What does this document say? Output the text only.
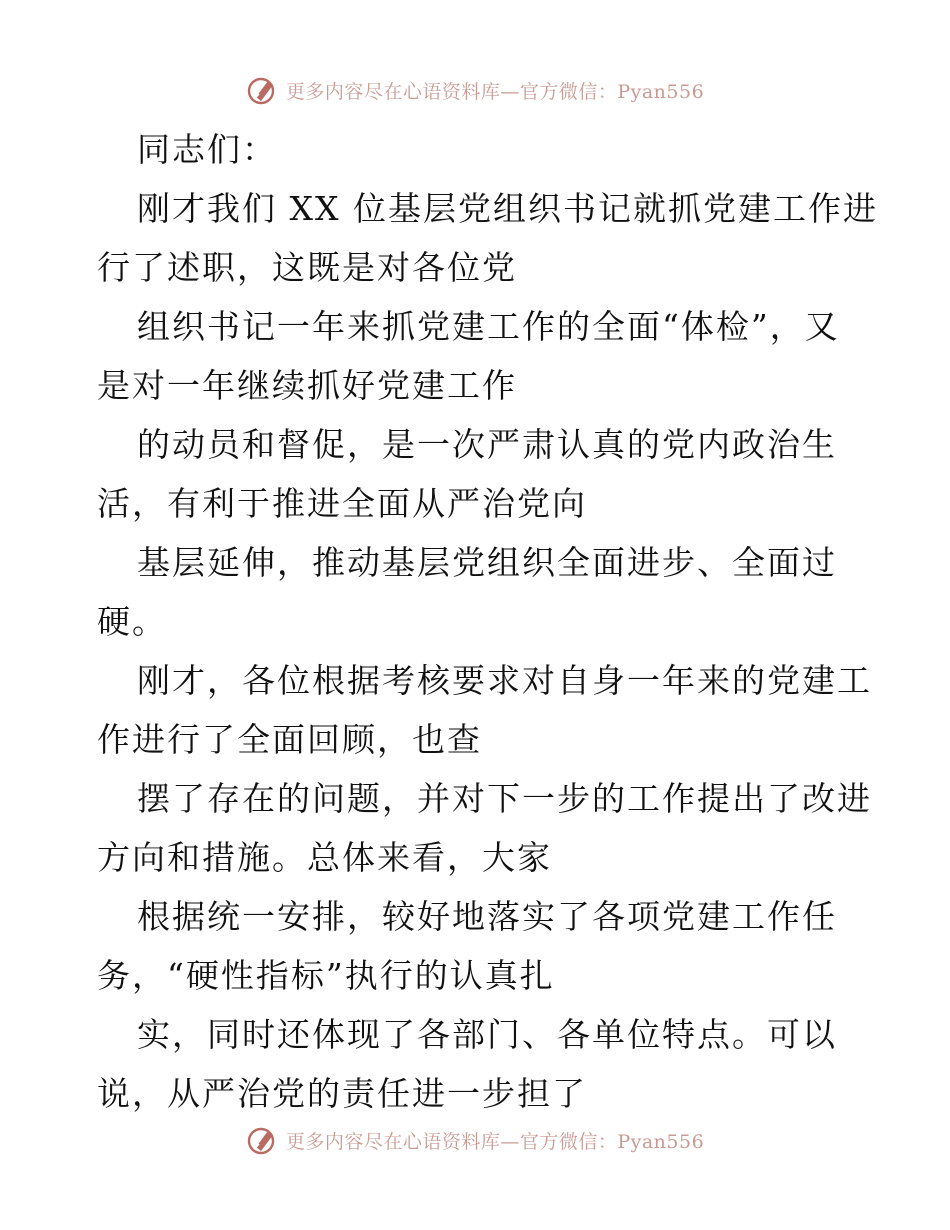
更多内容尽在心语资料库—官方微信：Pyan556
同志们：
刚才我们 XX 位基层党组织书记就抓党建工作进
行了述职，这既是对各位党
组织书记一年来抓党建工作的全面“体检”，又
是对一年继续抓好党建工作
的动员和督促，是一次严肃认真的党内政治生
活，有利于推进全面从严治党向
基层延伸，推动基层党组织全面进步、全面过
硬。
刚才，各位根据考核要求对自身一年来的党建工
作进行了全面回顾，也查
摆了存在的问题，并对下一步的工作提出了改进
方向和措施。总体来看，大家
根据统一安排，较好地落实了各项党建工作任
务，“硬性指标”执行的认真扎
实，同时还体现了各部门、各单位特点。可以
说，从严治党的责任进一步担了
更多内容尽在心语资料库—官方微信：Pyan556
